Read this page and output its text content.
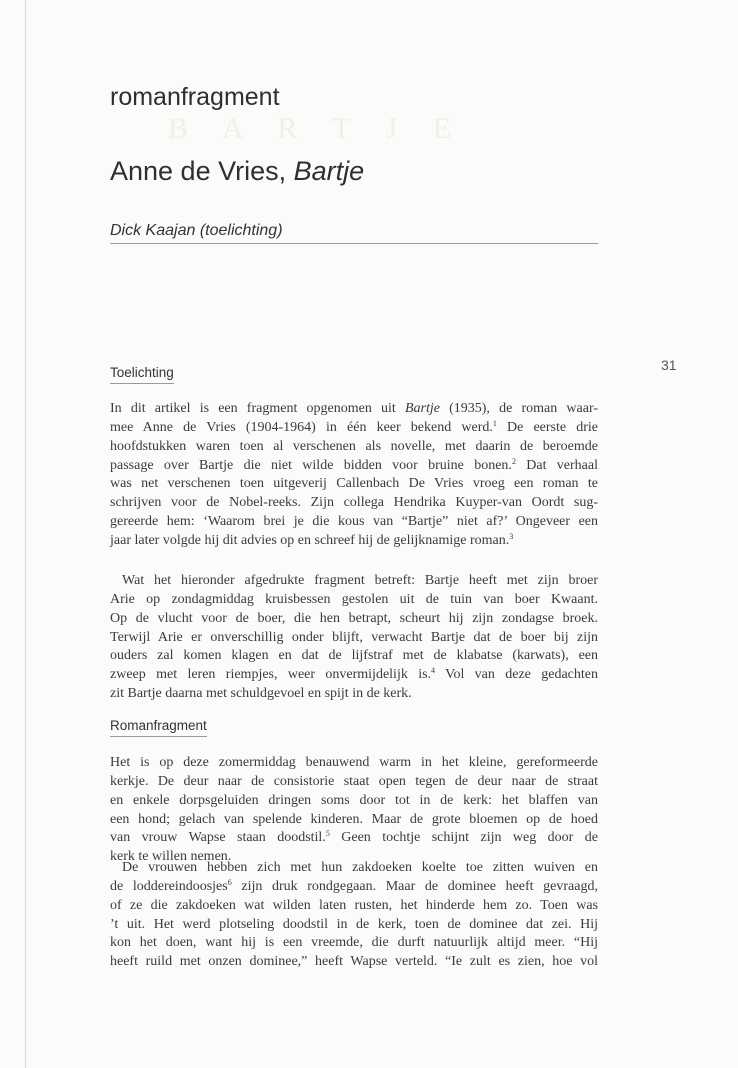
B A R T J E
romanfragment
Anne de Vries, Bartje
Dick Kaajan (toelichting)
31
Toelichting

In dit artikel is een fragment opgenomen uit Bartje (1935), de roman waar-
mee Anne de Vries (1904-1964) in één keer bekend werd.$^1$ De eerste drie
hoofdstukken waren toen al verschenen als novelle, met daarin de beroemde
passage over Bartje die niet wilde bidden voor bruine bonen.$^2$ Dat verhaal
was net verschenen toen uitgeverij Callenbach De Vries vroeg een roman te
schrijven voor de Nobel-reeks. Zijn collega Hendrika Kuyper-van Oordt sug-
gereerde hem: ‘Waarom brei je die kous van “Bartje” niet af?’ Ongeveer een
jaar later volgde hij dit advies op en schreef hij de gelijknamige roman.$^3$

Wat het hieronder afgedrukte fragment betreft: Bartje heeft met zijn broer
Arie op zondagmiddag kruisbessen gestolen uit de tuin van boer Kwaant.
Op de vlucht voor de boer, die hen betrapt, scheurt hij zijn zondagse broek.
Terwijl Arie er onverschillig onder blijft, verwacht Bartje dat de boer bij zijn
ouders zal komen klagen en dat de lijfstraf met de klabatse (karwats), een
zweep met leren riempjes, weer onvermijdelijk is.$^4$ Vol van deze gedachten
zit Bartje daarna met schuldgevoel en spijt in de kerk.

Romanfragment

Het is op deze zomermiddag benauwend warm in het kleine, gereformeerde
kerkje. De deur naar de consistorie staat open tegen de deur naar de straat
en enkele dorpsgeluiden dringen soms door tot in de kerk: het blaffen van
een hond; gelach van spelende kinderen. Maar de grote bloemen op de hoed
van vrouw Wapse staan doodstil.$^5$ Geen tochtje schijnt zijn weg door de
kerk te willen nemen.

De vrouwen hebben zich met hun zakdoeken koelte toe zitten wuiven en
de loddereindoosjes$^6$ zijn druk rondgegaan. Maar de dominee heeft gevraagd,
of ze die zakdoeken wat wilden laten rusten, het hinderde hem zo. Toen was
’t uit. Het werd plotseling doodstil in de kerk, toen de dominee dat zei. Hij
kon het doen, want hij is een vreemde, die durft natuurlijk altijd meer. “Hij
heeft ruild met onzen dominee,” heeft Wapse verteld. “Ie zult es zien, hoe vol
